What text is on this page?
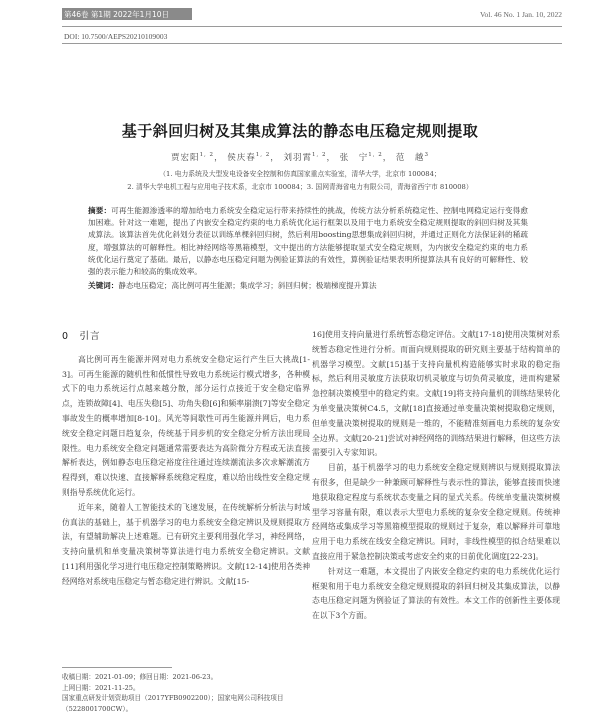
第46卷 第1期 2022年1月10日	Vol. 46 No. 1 Jan. 10, 2022
DOI: 10.7500/AEPS20210109003
基于斜回归树及其集成算法的静态电压稳定规则提取
贾宏阳$^{1, 2}$， 侯庆春$^{1, 2}$， 刘羽霄$^{1, 2}$， 张　宁$^{1, 2}$， 范　越$^3$
（1. 电力系统及大型发电设备安全控制和仿真国家重点实验室，清华大学，北京市 100084；
2. 清华大学电机工程与应用电子技术系，北京市 100084；3. 国网青海省电力有限公司，青海省西宁市 810008）
摘要：可再生能源渗透率的增加给电力系统安全稳定运行带来持续性的挑战，传统方法分析系统稳定性、控制电网稳定运行变得愈加困难。针对这一难题，提出了内嵌安全稳定约束的电力系统优化运行框架以及用于电力系统安全稳定规则提取的斜回归树及其集成算法。该算法首先优化斜划分表征以训练单棵斜回归树，然后利用boosting思想集成斜回归树，并通过正则化方法保证斜的稀疏度，增强算法的可解释性。相比神经网络等黑箱模型，文中提出的方法能够提取显式安全稳定规则，为内嵌安全稳定约束的电力系统优化运行奠定了基础。最后，以静态电压稳定问题为例验证算法的有效性，算例验证结果表明所提算法具有良好的可解释性、较强的表示能力和较高的集成效率。
关键词：静态电压稳定；高比例可再生能源；集成学习；斜回归树；极端梯度提升算法
0　引言

高比例可再生能源并网对电力系统安全稳定运行产生巨大挑战[1-3]。可再生能源的随机性和低惯性导致电力系统运行模式增多，各种模式下的电力系统运行点越来越分散，部分运行点接近于安全稳定临界点，连锁故障[4]、电压失稳[5]、功角失稳[6]和频率崩溃[7]等安全稳定事故发生的概率增加[8-10]。风光等间歇性可再生能源并网后，电力系统安全稳定问题日趋复杂，传统基于同步机的安全稳定分析方法出现局限性。电力系统安全稳定问题通常需要表达为高阶微分方程或无法直接解析表达，例如静态电压稳定裕度往往通过连续潮流法多次求解潮流方程得到，难以快速、直接解释系统稳定程度，难以给出线性安全稳定规则指导系统优化运行。

近年来，随着人工智能技术的飞速发展，在传统解析分析法与时域仿真法的基础上，基于机器学习的电力系统安全稳定辨识及规则提取方法，有望辅助解决上述难题。已有研究主要利用强化学习，神经网络，支持向量机和单变量决策树等算法进行电力系统安全稳定辨识。文献[11]利用强化学习进行电压稳定控制策略辨识。文献[12-14]使用各类神经网络对系统电压稳定与暂态稳定进行辨识。文献[15-

16]使用支持向量进行系统暂态稳定评估。文献[17-18]使用决策树对系统暂态稳定性进行分析。而面向规则提取的研究则主要基于结构简单的机器学习模型。文献[15]基于支持向量机构造能够实时求取的稳定指标，然后利用灵敏度方法获取切机灵敏度与切负荷灵敏度，进而构建紧急控制决策模型中的稳定约束。文献[19]将支持向量机的训练结果转化为单变量决策树C4.5，文献[18]直接通过单变量决策树提取稳定规则，但单变量决策树提取的规则是一维的，不能精准刻画电力系统的复杂安全边界。文献[20-21]尝试对神经网络的训练结果进行解释，但这些方法需要引入专家知识。

目前，基于机器学习的电力系统安全稳定规则辨识与规则提取算法有很多，但是缺少一种兼顾可解释性与表示性的算法，能够直接而快速地获取稳定程度与系统状态变量之间的显式关系。传统单变量决策树模型学习容量有限，难以表示大型电力系统的复杂安全稳定规则。传统神经网络或集成学习等黑箱模型提取的规则过于复杂，难以解释并可靠地应用于电力系统在线安全稳定辨识。同时，非线性模型的拟合结果难以直接应用于紧急控制决策或考虑安全约束的日前优化调度[22-23]。

针对这一难题，本文提出了内嵌安全稳定约束的电力系统优化运行框架和用于电力系统安全稳定规则提取的斜回归树及其集成算法，以静态电压稳定问题为例验证了算法的有效性。本文工作的创新性主要体现在以下3个方面。

收稿日期：2021-01-09；修回日期：2021-06-23。

上网日期：2021-11-25。

国家重点研发计划资助项目（2017YFB0902200）；国家电网公司科技项目（5228001700CW）。
